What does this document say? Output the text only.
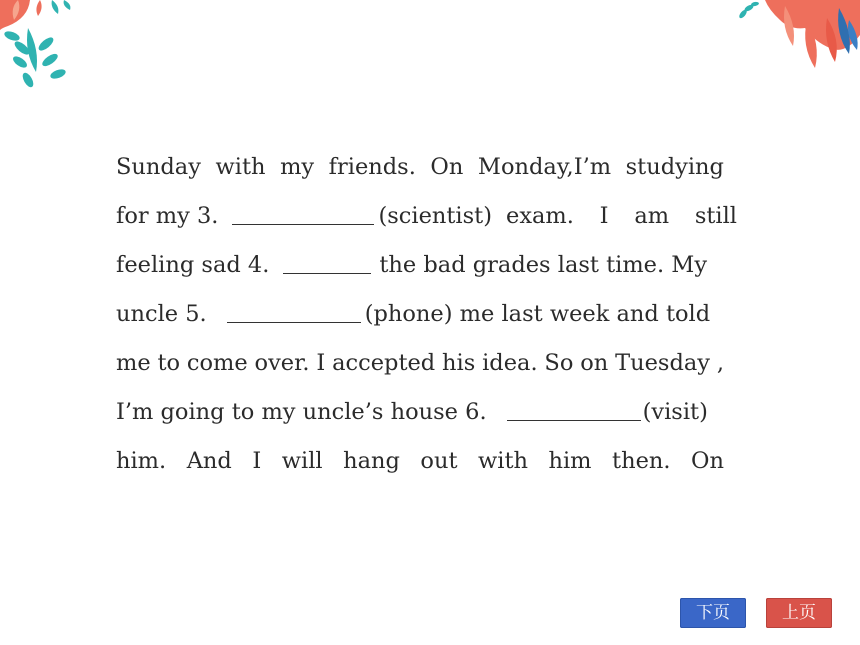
Sunday with my friends. On Monday,I’m studying
for my 3.	(scientist) exam. I am still
feeling sad 4.	the bad grades last time. My
uncle 5.	(phone) me last week and told
me to come over. I accepted his idea. So on Tuesday ,
I’m going to my uncle’s house 6.	(visit)
him. And I will hang out with him then. On
下页	上页
